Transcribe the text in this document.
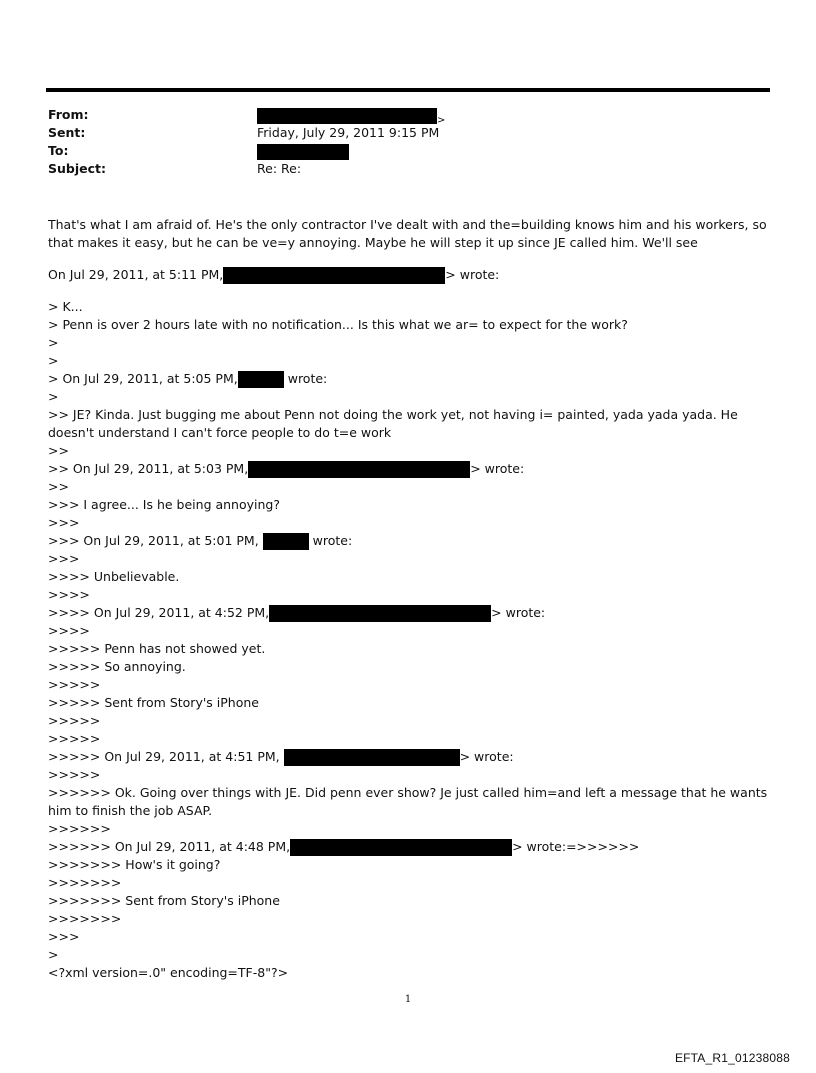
From:	$_>$
Sent:	Friday, July 29, 2011 9:15 PM
To:
Subject:	Re: Re:

That's what I am afraid of. He's the only contractor I've dealt with and the=building knows him and his workers, so that makes it easy, but he can be ve=y annoying. Maybe he will step it up since JE called him. We'll see

On Jul 29, 2011, at 5:11 PM,	> wrote:
> K...
> Penn is over 2 hours late with no notification... Is this what we ar= to expect for the work?
>
>
> On Jul 29, 2011, at 5:05 PM,	wrote:
>
>> JE? Kinda. Just bugging me about Penn not doing the work yet, not having i= painted, yada yada yada. He doesn't understand I can't force people to do t=e work
>>
>> On Jul 29, 2011, at 5:03 PM,	> wrote:
>>
>>> I agree... Is he being annoying?
>>>
>>> On Jul 29, 2011, at 5:01 PM,	wrote:
>>>
>>>> Unbelievable.
>>>>
>>>> On Jul 29, 2011, at 4:52 PM,	> wrote:
>>>>
>>>>> Penn has not showed yet.
>>>>> So annoying.
>>>>>
>>>>> Sent from Story's iPhone
>>>>>
>>>>>
>>>>> On Jul 29, 2011, at 4:51 PM,	> wrote:
>>>>>
>>>>>> Ok. Going over things with JE. Did penn ever show? Je just called him=and left a message that he wants him to finish the job ASAP.
>>>>>>
>>>>>> On Jul 29, 2011, at 4:48 PM,	> wrote:=>>>>>>
>>>>>>> How's it going?
>>>>>>>
>>>>>>> Sent from Story's iPhone
>>>>>>>
>>>
>
<?xml version=.0" encoding=TF-8"?>
1
EFTA_R1_01238088
